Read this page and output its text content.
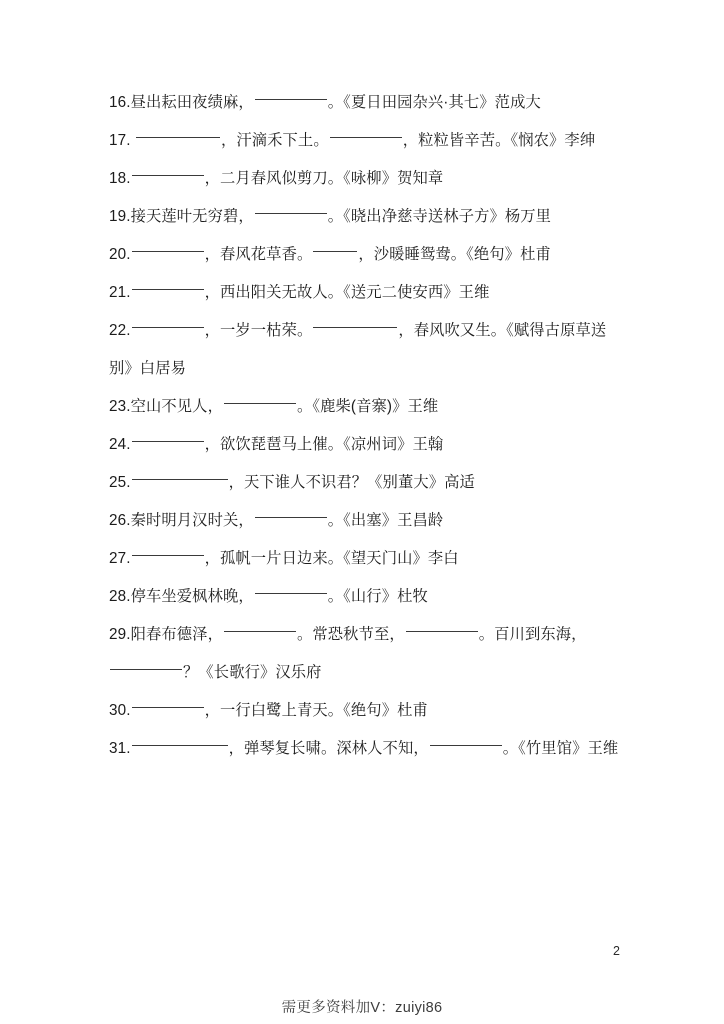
16.昼出耘田夜绩麻，	。《夏日田园杂兴·其七》范成大
17.	，汗滴禾下土。	，粒粒皆辛苦。《悯农》李绅
18.	，二月春风似剪刀。《咏柳》贺知章
19.接天莲叶无穷碧，	。《晓出净慈寺送林子方》杨万里
20.	，春风花草香。	，沙暖睡鸳鸯。《绝句》杜甫
21.	，西出阳关无故人。《送元二使安西》王维
22.	，一岁一枯荣。	，春风吹又生。《赋得古原草送别》白居易
23.空山不见人，	。《鹿柴(音寨)》王维
24.	，欲饮琵琶马上催。《凉州词》王翰
25.	，天下谁人不识君？《别董大》高适
26.秦时明月汉时关，	。《出塞》王昌龄
27.	，孤帆一片日边来。《望天门山》李白
28.停车坐爱枫林晚，	。《山行》杜牧
29.阳春布德泽，	。常恐秋节至，	。百川到东海， ？《长歌行》汉乐府
30.	，一行白鹭上青天。《绝句》杜甫
31.	，弹琴复长啸。深林人不知，	。《竹里馆》王维
2
需更多资料加V：zuiyi86
